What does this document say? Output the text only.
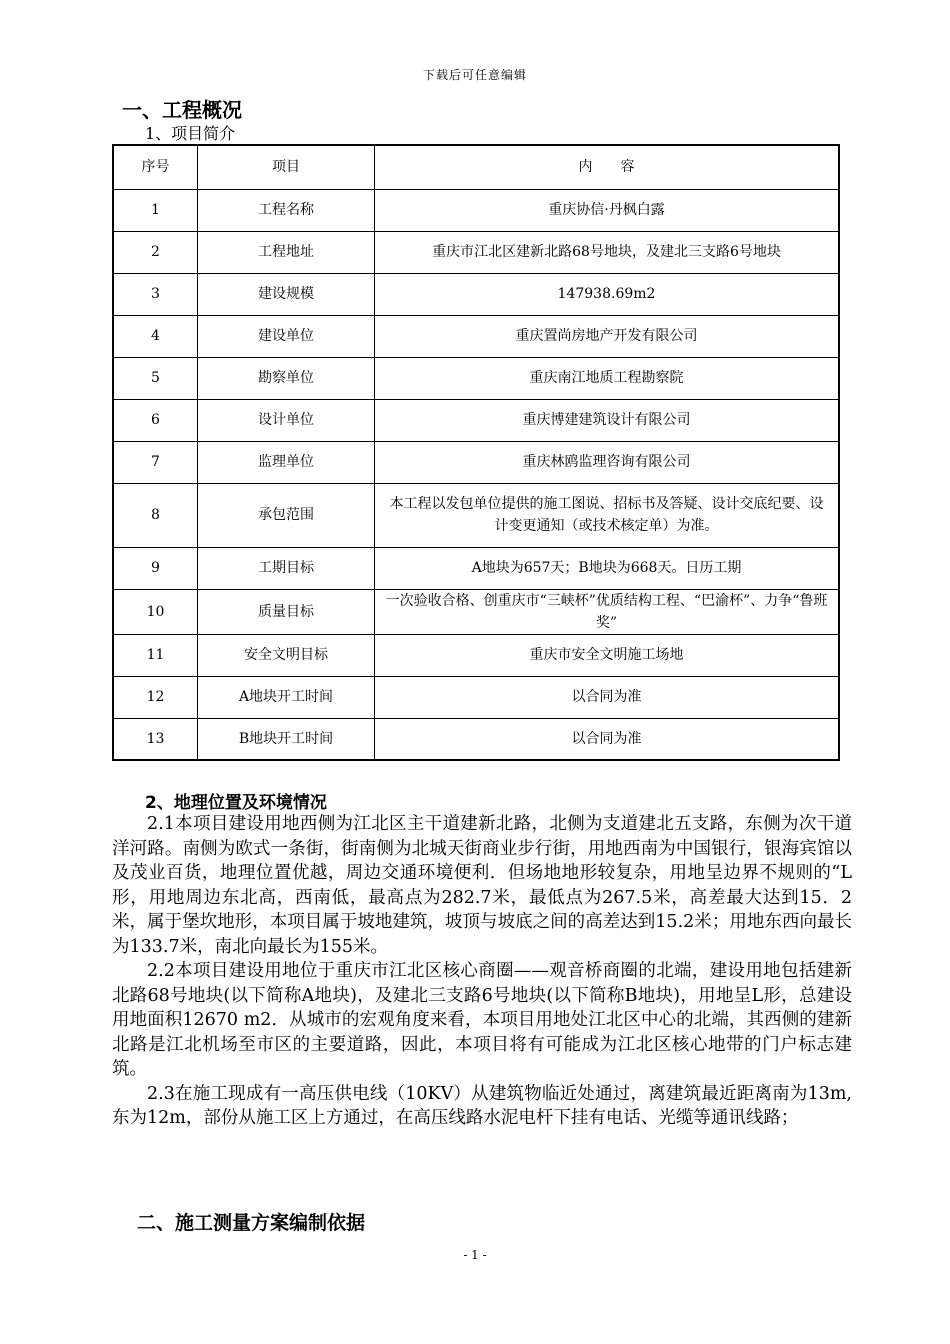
下载后可任意编辑
一、工程概况
1、项目简介
序号	项目	内　　容
1	工程名称	重庆协信·丹枫白露
2	工程地址	重庆市江北区建新北路68号地块，及建北三支路6号地块
3	建设规模	147938.69m2
4	建设单位	重庆置尚房地产开发有限公司
5	勘察单位	重庆南江地质工程勘察院
6	设计单位	重庆博建建筑设计有限公司
7	监理单位	重庆林鸥监理咨询有限公司
8	承包范围	本工程以发包单位提供的施工图说、招标书及答疑、设计交底纪要、设计变更通知（或技术核定单）为准。
9	工期目标	A地块为657天；B地块为668天。日历工期
10	质量目标	一次验收合格、创重庆市“三峡杯”优质结构工程、“巴渝杯”、力争“鲁班奖”
11	安全文明目标	重庆市安全文明施工场地
12	A地块开工时间	以合同为准
13	B地块开工时间	以合同为准
2、地理位置及环境情况

2.1本项目建设用地西侧为江北区主干道建新北路，北侧为支道建北五支路，东侧为次干道洋河路。南侧为欧式一条街，街南侧为北城天街商业步行街，用地西南为中国银行，银海宾馆以及茂业百货，地理位置优越，周边交通环境便利．但场地地形较复杂，用地呈边界不规则的“L形，用地周边东北高，西南低，最高点为282.7米，最低点为267.5米，高差最大达到15．2米，属于堡坎地形，本项目属于坡地建筑，坡顶与坡底之间的高差达到15.2米；用地东西向最长为133.7米，南北向最长为155米。

2.2本项目建设用地位于重庆市江北区核心商圈——观音桥商圈的北端，建设用地包括建新北路68号地块(以下简称A地块)，及建北三支路6号地块(以下简称B地块)，用地呈L形，总建设用地面积12670 m2．从城市的宏观角度来看，本项目用地处江北区中心的北端，其西侧的建新北路是江北机场至市区的主要道路，因此，本项目将有可能成为江北区核心地带的门户标志建筑。

2.3在施工现成有一高压供电线（10KV）从建筑物临近处通过，离建筑最近距离南为13m,东为12m，部份从施工区上方通过，在高压线路水泥电杆下挂有电话、光缆等通讯线路；

二、施工测量方案编制依据
- 1 -
